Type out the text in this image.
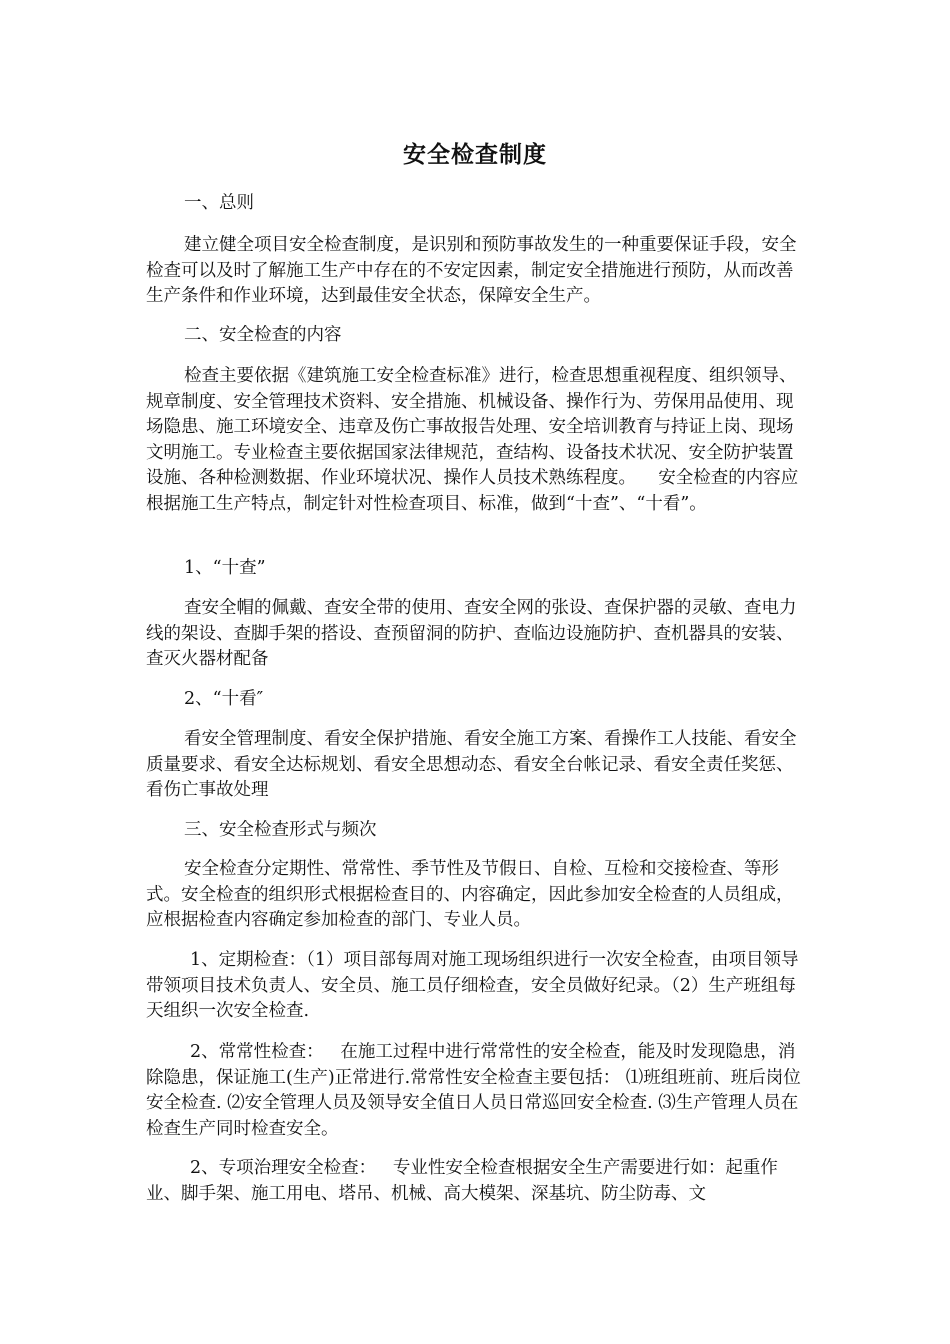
安全检查制度

一、总则

建立健全项目安全检查制度，是识别和预防事故发生的一种重要保证手段，安全检查可以及时了解施工生产中存在的不安定因素，制定安全措施进行预防，从而改善生产条件和作业环境，达到最佳安全状态，保障安全生产。

二、安全检查的内容

检查主要依据《建筑施工安全检查标准》进行，检查思想重视程度、组织领导、规章制度、安全管理技术资料、安全措施、机械设备、操作行为、劳保用品使用、现场隐患、施工环境安全、违章及伤亡事故报告处理、安全培训教育与持证上岗、现场文明施工。专业检查主要依据国家法律规范，查结构、设备技术状况、安全防护装置设施、各种检测数据、作业环境状况、操作人员技术熟练程度。    安全检查的内容应根据施工生产特点，制定针对性检查项目、标准，做到“十查”、“十看”。

1、“十查”

查安全帽的佩戴、查安全带的使用、查安全网的张设、查保护器的灵敏、查电力线的架设、查脚手架的搭设、查预留洞的防护、查临边设施防护、查机器具的安装、查灭火器材配备

2、“十看″

看安全管理制度、看安全保护措施、看安全施工方案、看操作工人技能、看安全质量要求、看安全达标规划、看安全思想动态、看安全台帐记录、看安全责任奖惩、看伤亡事故处理

三、安全检查形式与频次

安全检查分定期性、常常性、季节性及节假日、自检、互检和交接检查、等形式。安全检查的组织形式根据检查目的、内容确定，因此参加安全检查的人员组成，应根据检查内容确定参加检查的部门、专业人员。

1、定期检查：（1）项目部每周对施工现场组织进行一次安全检查，由项目领导带领项目技术负责人、安全员、施工员仔细检查，安全员做好纪录。（2）生产班组每天组织一次安全检查.

2、常常性检查：   在施工过程中进行常常性的安全检查，能及时发现隐患，消除隐患，保证施工(生产)正常进行.常常性安全检查主要包括： ⑴班组班前、班后岗位安全检查. ⑵安全管理人员及领导安全值日人员日常巡回安全检查. ⑶生产管理人员在检查生产同时检查安全。

2、专项治理安全检查：   专业性安全检查根据安全生产需要进行如：起重作业、脚手架、施工用电、塔吊、机械、高大模架、深基坑、防尘防毒、文
